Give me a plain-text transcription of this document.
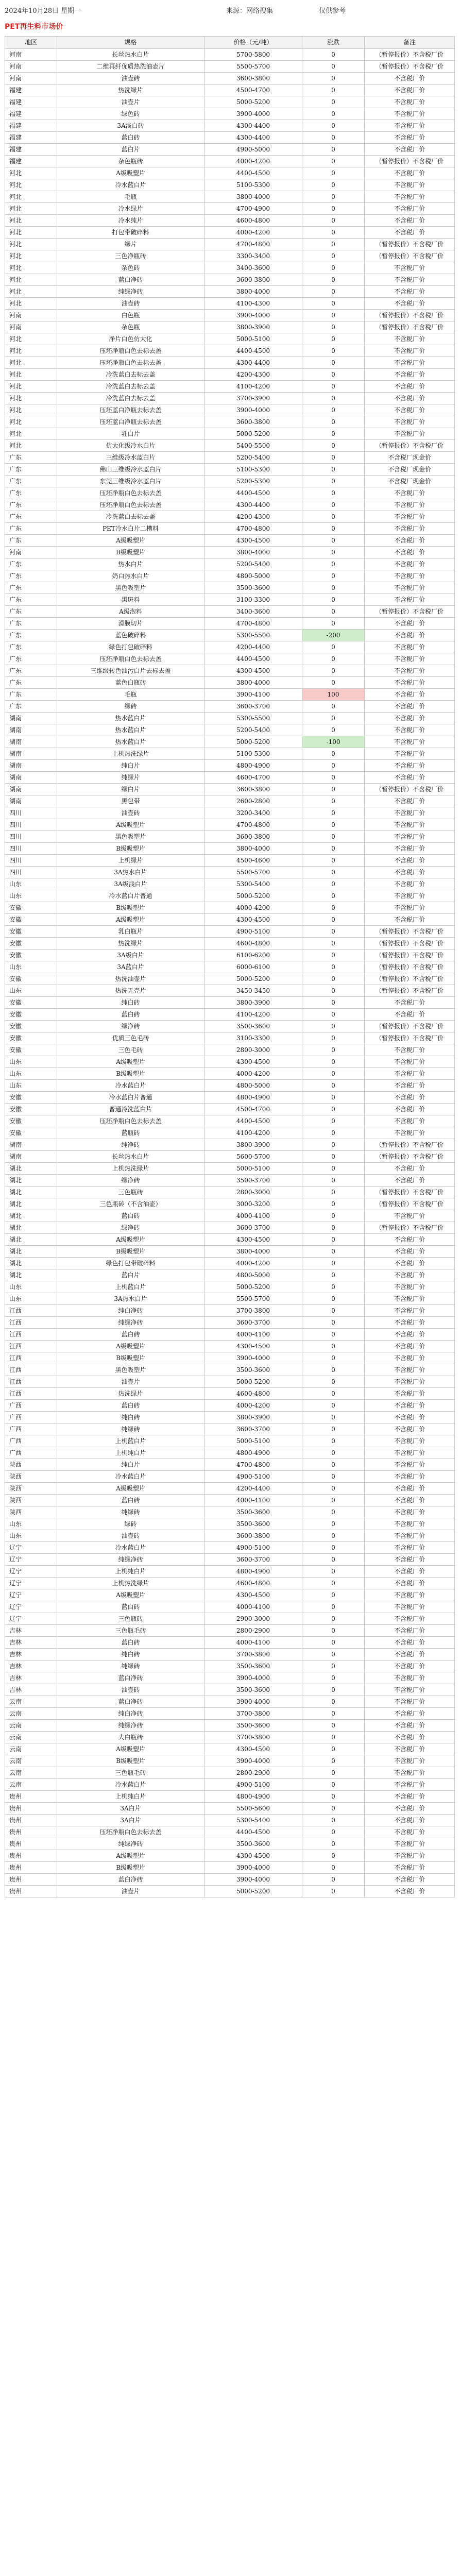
2024年10月28日 星期一	来源：网络搜集	仅供参考
PET再生料市场价
地区	规格	价格（元/吨）	涨跌	备注
河南	长丝热水白片	5700-5800	0	（暂停报价）不含税厂价
河南	二维再纤优质热洗油壶片	5500-5700	0	（暂停报价）不含税厂价
河南	油壶砖	3600-3800	0	不含税厂价
福建	热洗绿片	4500-4700	0	不含税厂价
福建	油壶片	5000-5200	0	不含税厂价
福建	绿色砖	3900-4000	0	不含税厂价
福建	3A浅白砖	4300-4400	0	不含税厂价
福建	蓝白砖	4300-4400	0	不含税厂价
福建	蓝白片	4900-5000	0	不含税厂价
福建	杂色瓶砖	4000-4200	0	（暂停报价）不含税厂价
河北	A级吸塑片	4400-4500	0	不含税厂价
河北	冷水蓝白片	5100-5300	0	不含税厂价
河北	毛瓶	3800-4000	0	不含税厂价
河北	冷水绿片	4700-4900	0	不含税厂价
河北	冷水纯片	4600-4800	0	不含税厂价
河北	打包带破碎料	4000-4200	0	不含税厂价
河北	绿片	4700-4800	0	（暂停报价）不含税厂价
河北	三色净瓶砖	3300-3400	0	（暂停报价）不含税厂价
河北	杂色砖	3400-3600	0	不含税厂价
河北	蓝白净砖	3600-3800	0	不含税厂价
河北	纯绿净砖	3800-4000	0	不含税厂价
河北	油壶砖	4100-4300	0	不含税厂价
河南	白色瓶	3900-4000	0	（暂停报价）不含税厂价
河南	杂色瓶	3800-3900	0	（暂停报价）不含税厂价
河北	净片白色仿大化	5000-5100	0	不含税厂价
河北	压坯净瓶白色去标去盖	4400-4500	0	不含税厂价
河北	压坯净瓶白色去标去盖	4300-4400	0	不含税厂价
河北	冷洗蓝白去标去盖	4200-4300	0	不含税厂价
河北	冷洗蓝白去标去盖	4100-4200	0	不含税厂价
河北	冷洗蓝白去标去盖	3700-3900	0	不含税厂价
河北	压坯蓝白净瓶去标去盖	3900-4000	0	不含税厂价
河北	压坯蓝白净瓶去标去盖	3600-3800	0	不含税厂价
河北	乳白片	5000-5200	0	不含税厂价
河北	仿大化级冷水白片	5400-5500	0	（暂停报价）不含税厂价
广东	三维级冷水蓝白片	5200-5400	0	不含税厂现金价
广东	佛山三维级冷水蓝白片	5100-5300	0	不含税厂现金价
广东	东莞三维级冷水蓝白片	5200-5300	0	不含税厂现金价
广东	压坯净瓶白色去标去盖	4400-4500	0	不含税厂价
广东	压坯净瓶白色去标去盖	4300-4400	0	不含税厂价
广东	冷洗蓝白去标去盖	4200-4300	0	不含税厂价
广东	PET冷水白片二槽料	4700-4800	0	不含税厂价
广东	A级吸塑片	4300-4500	0	不含税厂价
河南	B级吸塑片	3800-4000	0	不含税厂价
广东	热水白片	5200-5400	0	不含税厂价
广东	奶白热水白片	4800-5000	0	不含税厂价
广东	黑色吸塑片	3500-3600	0	不含税厂价
广东	黑斑料	3100-3300	0	不含税厂价
广东	A级泡料	3400-3600	0	（暂停报价）不含税厂价
广东	滑膜切片	4700-4800	0	不含税厂价
广东	蓝色破碎料	5300-5500	-200	不含税厂价
广东	绿色打包破碎料	4200-4400	0	不含税厂价
广东	压坯净瓶白色去标去盖	4400-4500	0	不含税厂价
广东	三维级转色油污白片去标去盖	4300-4500	0	不含税厂价
广东	蓝色白瓶砖	3800-4000	0	不含税厂价
广东	毛瓶	3900-4100	100	不含税厂价
广东	绿砖	3600-3700	0	不含税厂价
湖南	热水蓝白片	5300-5500	0	不含税厂价
湖南	热水蓝白片	5200-5400	0	不含税厂价
湖南	热水蓝白片	5000-5200	-100	不含税厂价
湖南	上机热洗绿片	5100-5300	0	不含税厂价
湖南	纯白片	4800-4900	0	不含税厂价
湖南	纯绿片	4600-4700	0	不含税厂价
湖南	绿白片	3600-3800	0	（暂停报价）不含税厂价
湖南	黑包带	2600-2800	0	不含税厂价
四川	油壶砖	3200-3400	0	不含税厂价
四川	A级吸塑片	4700-4800	0	不含税厂价
四川	黑色吸塑片	3600-3800	0	不含税厂价
四川	B级吸塑片	3800-4000	0	不含税厂价
四川	上机绿片	4500-4600	0	不含税厂价
四川	3A热水白片	5500-5700	0	不含税厂价
山东	3A级浅白片	5300-5400	0	不含税厂价
山东	冷水蓝白片普通	5000-5200	0	不含税厂价
安徽	B级吸塑片	4000-4200	0	不含税厂价
安徽	A级吸塑片	4300-4500	0	不含税厂价
安徽	乳白瓶片	4900-5100	0	（暂停报价）不含税厂价
安徽	热洗绿片	4600-4800	0	（暂停报价）不含税厂价
安徽	3A级白片	6100-6200	0	（暂停报价）不含税厂价
山东	3A蓝白片	6000-6100	0	（暂停报价）不含税厂价
安徽	热洗油壶片	5000-5200	0	（暂停报价）不含税厂价
山东	热洗无壳片	3450-3450	0	（暂停报价）不含税厂价
安徽	纯白砖	3800-3900	0	不含税厂价
安徽	蓝白砖	4100-4200	0	不含税厂价
安徽	绿净砖	3500-3600	0	（暂停报价）不含税厂价
安徽	优质三色毛砖	3100-3300	0	（暂停报价）不含税厂价
安徽	三色毛砖	2800-3000	0	不含税厂价
山东	A级吸塑片	4300-4500	0	不含税厂价
山东	B级吸塑片	4000-4200	0	不含税厂价
山东	冷水蓝白片	4800-5000	0	不含税厂价
安徽	冷水蓝白片普通	4800-4900	0	不含税厂价
安徽	普通冷洗蓝白片	4500-4700	0	不含税厂价
安徽	压坯净瓶白色去标去盖	4400-4500	0	不含税厂价
安徽	蓝瓶砖	4100-4200	0	不含税厂价
湖南	纯净砖	3800-3900	0	（暂停报价）不含税厂价
湖南	长丝热水白片	5600-5700	0	（暂停报价）不含税厂价
湖北	上机热洗绿片	5000-5100	0	不含税厂价
湖北	绿净砖	3500-3700	0	不含税厂价
湖北	三色瓶砖	2800-3000	0	（暂停报价）不含税厂价
湖北	三色瓶砖（不含油壶）	3000-3200	0	（暂停报价）不含税厂价
湖北	蓝白砖	4000-4100	0	不含税厂价
湖北	绿净砖	3600-3700	0	（暂停报价）不含税厂价
湖北	A级吸塑片	4300-4500	0	不含税厂价
湖北	B级吸塑片	3800-4000	0	不含税厂价
湖北	绿色打包带破碎料	4000-4200	0	不含税厂价
湖北	蓝白片	4800-5000	0	不含税厂价
山东	上机蓝白片	5000-5200	0	不含税厂价
山东	3A热水白片	5500-5700	0	不含税厂价
江西	纯白净砖	3700-3800	0	不含税厂价
江西	纯绿净砖	3600-3700	0	不含税厂价
江西	蓝白砖	4000-4100	0	不含税厂价
江西	A级吸塑片	4300-4500	0	不含税厂价
江西	B级吸塑片	3900-4000	0	不含税厂价
江西	黑色吸塑片	3500-3600	0	不含税厂价
江西	油壶片	5000-5200	0	不含税厂价
江西	热洗绿片	4600-4800	0	不含税厂价
广西	蓝白砖	4000-4200	0	不含税厂价
广西	纯白砖	3800-3900	0	不含税厂价
广西	纯绿砖	3600-3700	0	不含税厂价
广西	上机蓝白片	5000-5100	0	不含税厂价
广西	上机纯白片	4800-4900	0	不含税厂价
陕西	纯白片	4700-4800	0	不含税厂价
陕西	冷水蓝白片	4900-5100	0	不含税厂价
陕西	A级吸塑片	4200-4400	0	不含税厂价
陕西	蓝白砖	4000-4100	0	不含税厂价
陕西	纯绿砖	3500-3600	0	不含税厂价
山东	绿砖	3500-3600	0	不含税厂价
山东	油壶砖	3600-3800	0	不含税厂价
辽宁	冷水蓝白片	4900-5100	0	不含税厂价
辽宁	纯绿净砖	3600-3700	0	不含税厂价
辽宁	上机纯白片	4800-4900	0	不含税厂价
辽宁	上机热洗绿片	4600-4800	0	不含税厂价
辽宁	A级吸塑片	4300-4500	0	不含税厂价
辽宁	蓝白砖	4000-4100	0	不含税厂价
辽宁	三色瓶砖	2900-3000	0	不含税厂价
吉林	三色瓶毛砖	2800-2900	0	不含税厂价
吉林	蓝白砖	4000-4100	0	不含税厂价
吉林	纯白砖	3700-3800	0	不含税厂价
吉林	纯绿砖	3500-3600	0	不含税厂价
吉林	蓝白净砖	3900-4000	0	不含税厂价
吉林	油壶砖	3500-3600	0	不含税厂价
云南	蓝白净砖	3900-4000	0	不含税厂价
云南	纯白净砖	3700-3800	0	不含税厂价
云南	纯绿净砖	3500-3600	0	不含税厂价
云南	大白瓶砖	3700-3800	0	不含税厂价
云南	A级吸塑片	4300-4500	0	不含税厂价
云南	B级吸塑片	3900-4000	0	不含税厂价
云南	三色瓶毛砖	2800-2900	0	不含税厂价
云南	冷水蓝白片	4900-5100	0	不含税厂价
贵州	上机纯白片	4800-4900	0	不含税厂价
贵州	3A白片	5500-5600	0	不含税厂价
贵州	3A白片	5300-5400	0	不含税厂价
贵州	压坯净瓶白色去标去盖	4400-4500	0	不含税厂价
贵州	纯绿净砖	3500-3600	0	不含税厂价
贵州	A级吸塑片	4300-4500	0	不含税厂价
贵州	B级吸塑片	3900-4000	0	不含税厂价
贵州	蓝白净砖	3900-4000	0	不含税厂价
贵州	油壶片	5000-5200	0	不含税厂价
